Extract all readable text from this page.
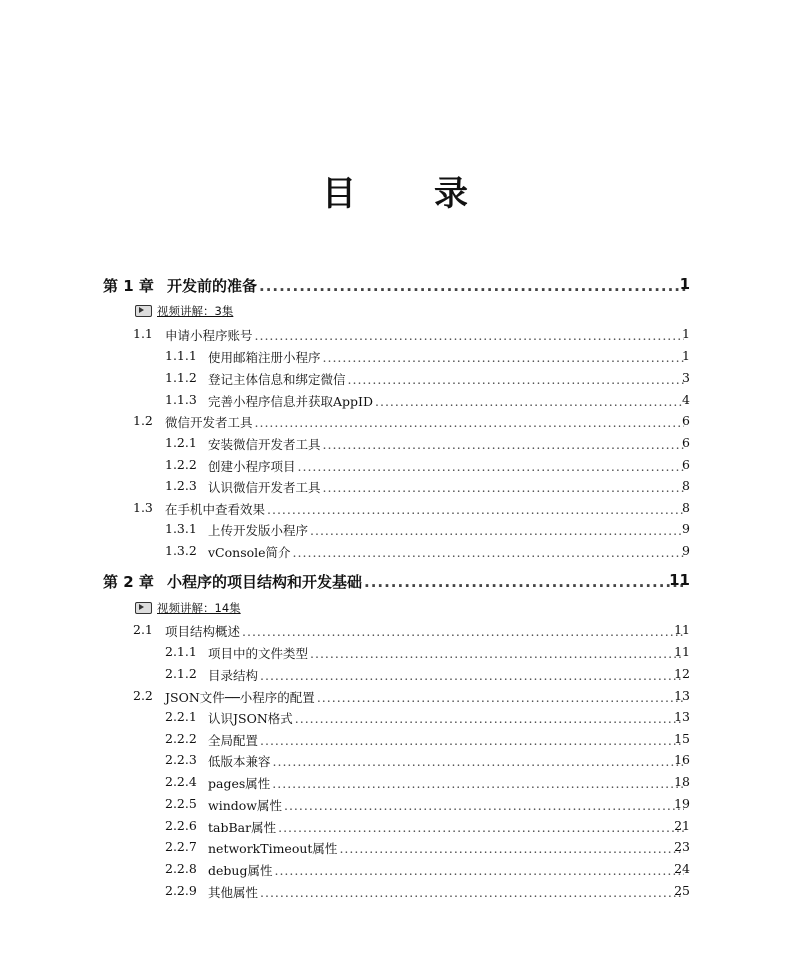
目　录
第 1 章 开发前的准备 .....	1
视频讲解：3集
1.1 申请小程序账号 .....	1
1.1.1 使用邮箱注册小程序 .....	1
1.1.2 登记主体信息和绑定微信 .....	3
1.1.3 完善小程序信息并获取AppID .....	4
1.2 微信开发者工具 .....	6
1.2.1 安装微信开发者工具 .....	6
1.2.2 创建小程序项目 .....	6
1.2.3 认识微信开发者工具 .....	8
1.3 在手机中查看效果 .....	8
1.3.1 上传开发版小程序 .....	9
1.3.2 vConsole简介 .....	9
第 2 章 小程序的项目结构和开发基础 .....	11
视频讲解：14集
2.1 项目结构概述 .....	11
2.1.1 项目中的文件类型 .....	11
2.1.2 目录结构 .....	12
2.2 JSON文件──小程序的配置 .....	13
2.2.1 认识JSON格式 .....	13
2.2.2 全局配置 .....	15
2.2.3 低版本兼容 .....	16
2.2.4 pages属性 .....	18
2.2.5 window属性 .....	19
2.2.6 tabBar属性 .....	21
2.2.7 networkTimeout属性 .....	23
2.2.8 debug属性 .....	24
2.2.9 其他属性 .....	25
